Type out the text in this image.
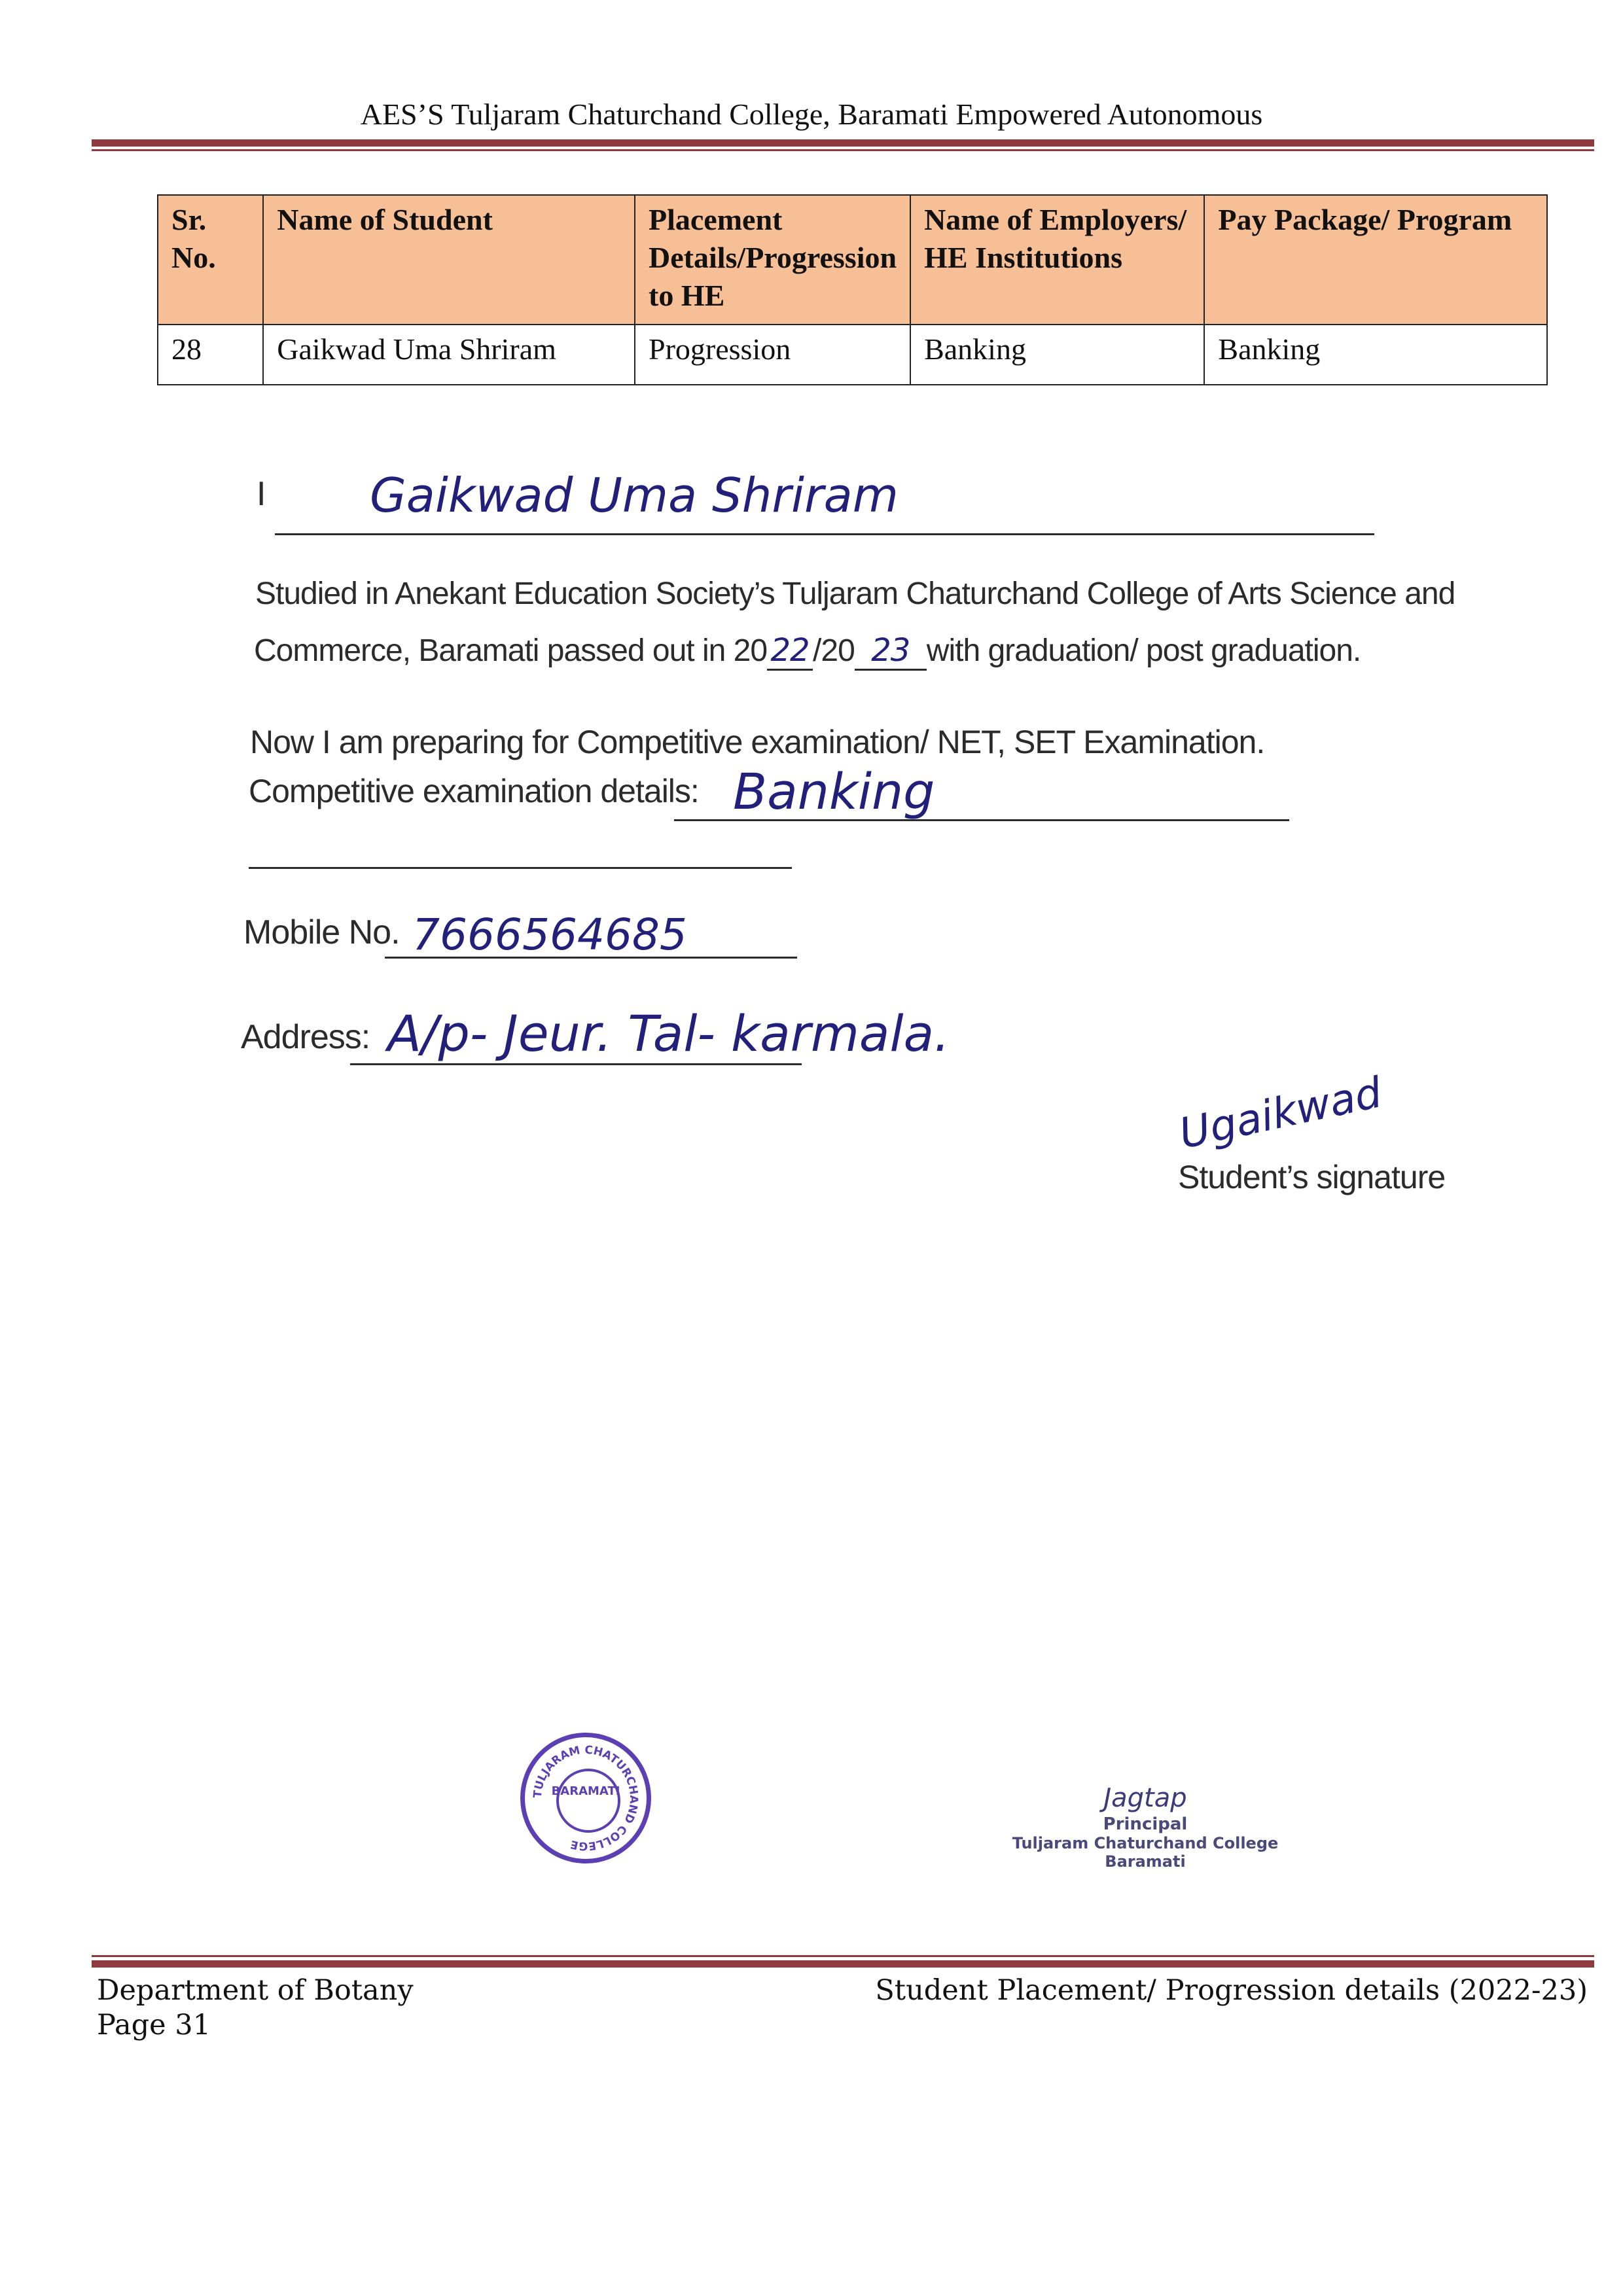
AES’S Tuljaram Chaturchand College, Baramati Empowered Autonomous
Sr. No.	Name of Student	Placement Details/Progression to HE	Name of Employers/ HE Institutions	Pay Package/ Program
28	Gaikwad Uma Shriram	Progression	Banking	Banking
I Gaikwad Uma Shriram
Studied in Anekant Education Society’s Tuljaram Chaturchand College of Arts Science and
Commerce, Baramati passed out in 20 22 /20 23 with graduation/ post graduation.
Now I am preparing for Competitive examination/ NET, SET Examination.
Competitive examination details: Banking
Mobile No. 7666564685
Address: A/p- Jeur. Tal- karmala.
Ugaikwad
Student’s signature
TULJARAM CHATURCHAND COLLEGE
BARAMATI	Jagtap
Principal
Tuljaram Chaturchand College
Baramati
Department of Botany
Page 31
Student Placement/ Progression details (2022-23)
